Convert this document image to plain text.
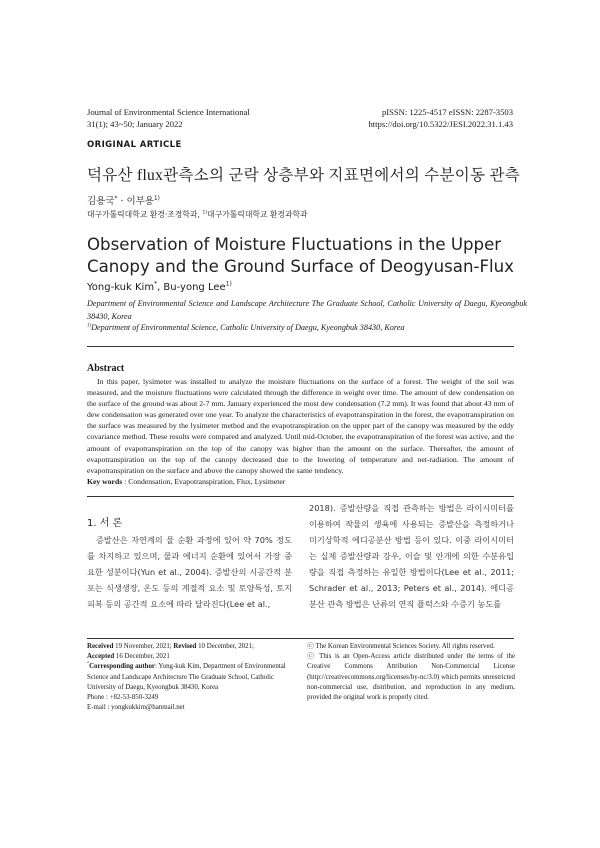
Journal of Environmental Science International
31(1); 43~50; January 2022
pISSN: 1225-4517 eISSN: 2287-3503
https://doi.org/10.5322/JESI.2022.31.1.43
ORIGINAL ARTICLE
덕유산 flux관측소의 군락 상층부와 지표면에서의 수분이동 관측
김용국* · 이부용$^{1)}$
대구가톨릭대학교 환경·조경학과, $^{1)}$대구가톨릭대학교 환경과학과
Observation of Moisture Fluctuations in the Upper Canopy and the Ground Surface of Deogyusan-Flux
Yong-kuk Kim*, Bu-yong Lee$^{1)}$
Department of Environmental Science and Landscape Architecture The Graduate School, Catholic University of Daegu, Kyeongbuk 38430, Korea
$^{1)}$Department of Environmental Science, Catholic University of Daegu, Kyeongbuk 38430, Korea
Abstract
In this paper, lysimeter was installed to analyze the moisture fluctuations on the surface of a forest. The weight of the soil was measured, and the moisture fluctuations were calculated through the difference in weight over time. The amount of dew condensation on the surface of the ground was about 2-7 mm. January experienced the most dew condensation (7.2 mm). It was found that about 43 mm of dew condensation was generated over one year. To analyze the characteristics of evapotranspiration in the forest, the evapotranspiration on the surface was measured by the lysimeter method and the evapotranspiration on the upper part of the canopy was measured by the eddy covariance method. These results were compared and analyzed. Until mid-October, the evapotranspiration of the forest was active, and the amount of evapotranspiration on the top of the canopy was higher than the amount on the surface. Thereafter, the amount of evapotranspiration on the top of the canopy decreased due to the lowering of temperature and net-radiation. The amount of evapotranspiration on the surface and above the canopy showed the same tendency.
Key words : Condensation, Evapotranspiration, Flux, Lysimeter
1. 서 론
증발산은 자연계의 물 순환 과정에 있어 약 70% 정도를 차지하고 있으며, 물과 에너지 순환에 있어서 가장 중요한 성분이다(Yun et al., 2004). 증발산의 시공간적 분포는 식생생장, 온도 등의 계절적 요소 및 토양특성, 토지피복 등의 공간적 요소에 따라 달라진다(Lee et al.,
2018). 증발산량을 직접 관측하는 방법은 라이시미터를 이용하여 작물의 생육에 사용되는 증발산을 측정하거나 미기상학적 에디공분산 방법 등이 있다. 이중 라이시미터는 실제 증발산량과 강우, 이슬 및 안개에 의한 수분유입량을 직접 측정하는 유일한 방법이다(Lee et al., 2011; Schrader et al., 2013; Peters et al., 2014). 에디공분산 관측 방법은 난류의 연직 플럭스와 수증기 농도를
Received 19 November, 2021; Revised 10 December, 2021;
Accepted 16 December, 2021
*Corresponding author: Yong-kuk Kim, Department of Environmental Science and Landscape Architecture The Graduate School, Catholic University of Daegu, Kyeongbuk 38430, Korea
Phone : +82-53-850-3249
E-mail : yongkukkim@hanmail.net
ⓒ The Korean Environmental Sciences Society. All rights reserved.
ⓒ This is an Open-Access article distributed under the terms of the Creative Commons Attribution Non-Commercial License (http://creativecommons.org/licenses/by-nc/3.0) which permits unrestricted non-commercial use, distribution, and reproduction in any medium, provided the original work is properly cited.
